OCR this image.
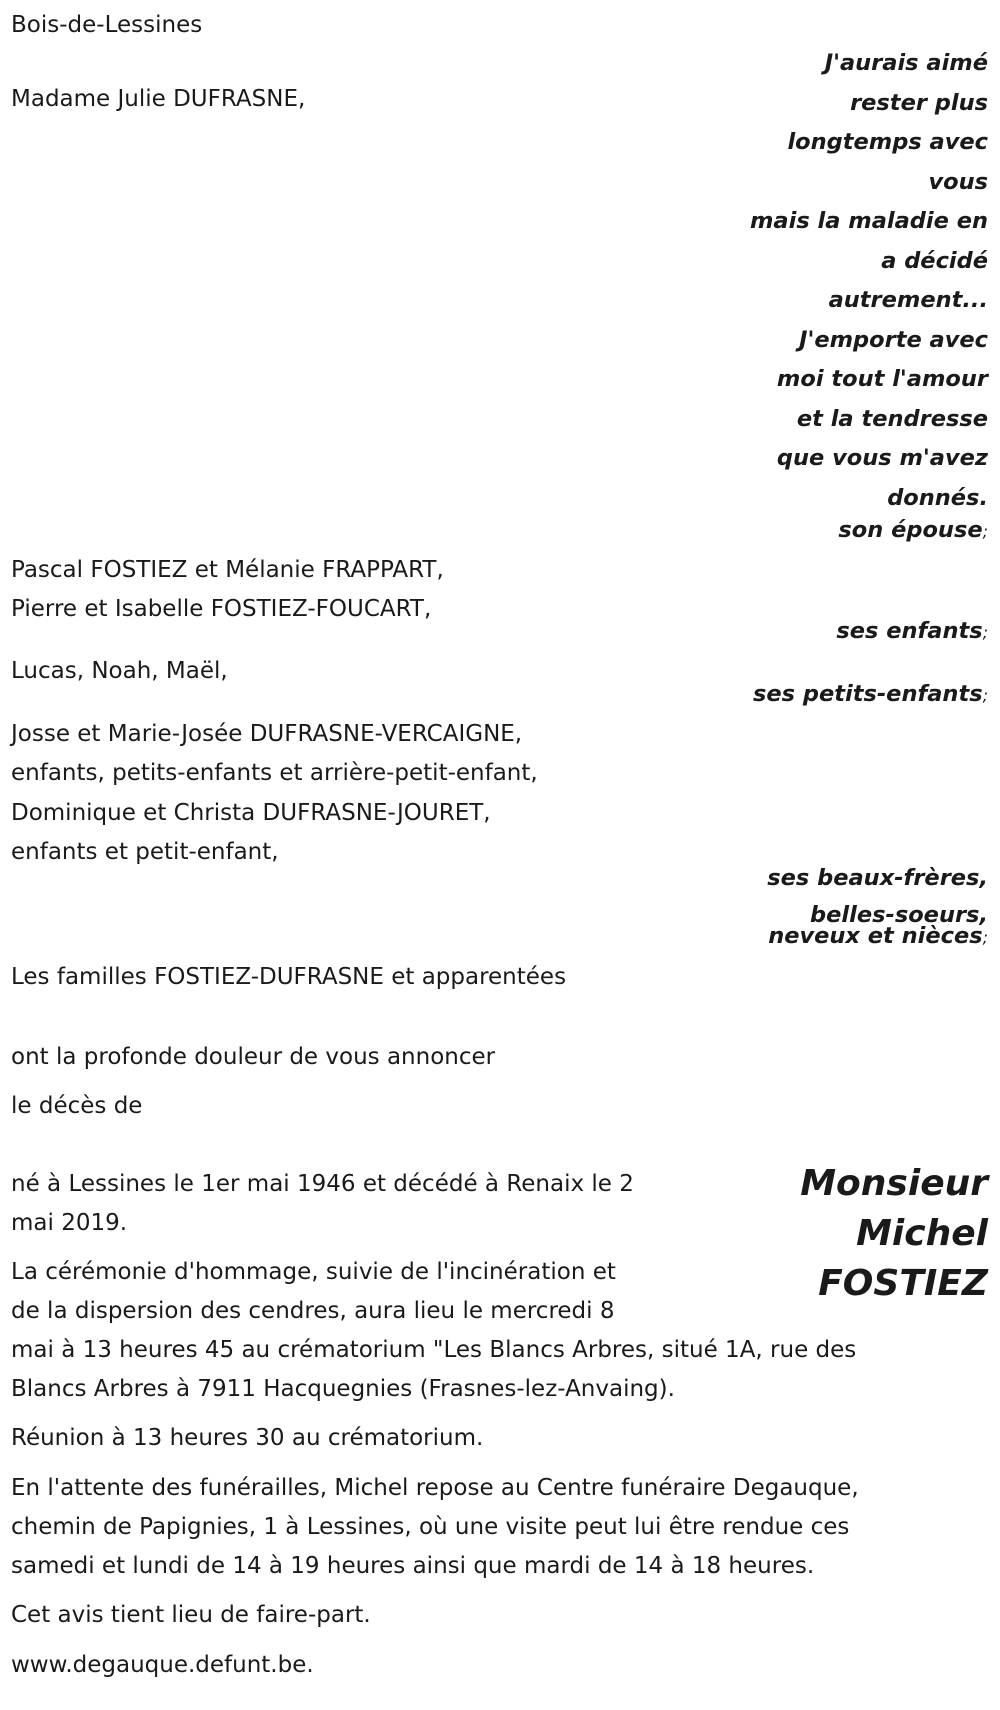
Bois-de-Lessines

Madame Julie DUFRASNE,

J'aurais aimé
rester plus
longtemps avec
vous
mais la maladie en
a décidé
autrement...
J'emporte avec
moi tout l'amour
et la tendresse
que vous m'avez
donnés.
son épouse;

Pascal FOSTIEZ et Mélanie FRAPPART,

Pierre et Isabelle FOSTIEZ-FOUCART,

ses enfants;

Lucas, Noah, Maël,

ses petits-enfants;

Josse et Marie-Josée DUFRASNE-VERCAIGNE,

enfants, petits-enfants et arrière-petit-enfant,

Dominique et Christa DUFRASNE-JOURET,

enfants et petit-enfant,

ses beaux-frères,
belles-soeurs,
neveux et nièces;

Les familles FOSTIEZ-DUFRASNE et apparentées

ont la profonde douleur de vous annoncer

le décès de

Monsieur
Michel
FOSTIEZ

né à Lessines le 1er mai 1946 et décédé à Renaix le 2

mai 2019.

La cérémonie d'hommage, suivie de l'incinération et

de la dispersion des cendres, aura lieu le mercredi 8

mai à 13 heures 45 au crématorium "Les Blancs Arbres, situé 1A, rue des

Blancs Arbres à 7911 Hacquegnies (Frasnes-lez-Anvaing).

Réunion à 13 heures 30 au crématorium.

En l'attente des funérailles, Michel repose au Centre funéraire Degauque,

chemin de Papignies, 1 à Lessines, où une visite peut lui être rendue ces

samedi et lundi de 14 à 19 heures ainsi que mardi de 14 à 18 heures.

Cet avis tient lieu de faire-part.

www.degauque.defunt.be.
